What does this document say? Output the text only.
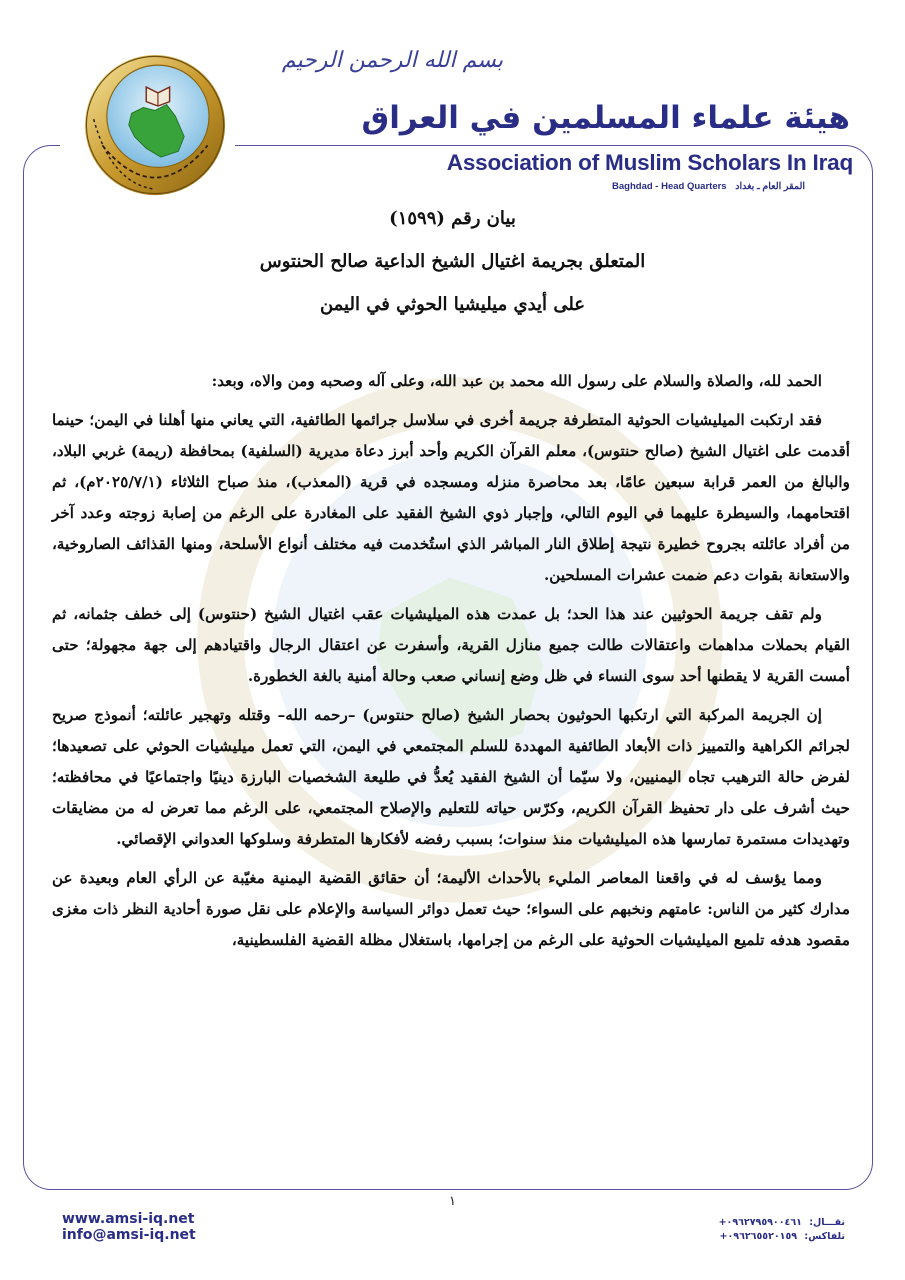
بسم الله الرحمن الرحيم
هيئة علماء المسلمين في العراق
Association of Muslim Scholars In Iraq
Baghdad - Head Quarters المقر العام ـ بغداد
بيان رقم (١٥٩٩)
المتعلق بجريمة اغتيال الشيخ الداعية صالح الحنتوس
على أيدي ميليشيا الحوثي في اليمن

الحمد لله، والصلاة والسلام على رسول الله محمد بن عبد الله، وعلى آله وصحبه ومن والاه، وبعد:

فقد ارتكبت الميليشيات الحوثية المتطرفة جريمة أخرى في سلاسل جرائمها الطائفية، التي يعاني منها أهلنا في اليمن؛ حينما أقدمت على اغتيال الشيخ (صالح حنتوس)، معلم القرآن الكريم وأحد أبرز دعاة مديرية (السلفية) بمحافظة (ريمة) غربي البلاد، والبالغ من العمر قرابة سبعين عامًا، بعد محاصرة منزله ومسجده في قرية (المعذب)، منذ صباح الثلاثاء (٢٠٢٥/٧/١م)، ثم اقتحامهما، والسيطرة عليهما في اليوم التالي، وإجبار ذوي الشيخ الفقيد على المغادرة على الرغم من إصابة زوجته وعدد آخر من أفراد عائلته بجروح خطيرة نتيجة إطلاق النار المباشر الذي استُخدمت فيه مختلف أنواع الأسلحة، ومنها القذائف الصاروخية، والاستعانة بقوات دعم ضمت عشرات المسلحين.

ولم تقف جريمة الحوثيين عند هذا الحد؛ بل عمدت هذه الميليشيات عقب اغتيال الشيخ (حنتوس) إلى خطف جثمانه، ثم القيام بحملات مداهمات واعتقالات طالت جميع منازل القرية، وأسفرت عن اعتقال الرجال واقتيادهم إلى جهة مجهولة؛ حتى أمست القرية لا يقطنها أحد سوى النساء في ظل وضع إنساني صعب وحالة أمنية بالغة الخطورة.

إن الجريمة المركبة التي ارتكبها الحوثيون بحصار الشيخ (صالح حنتوس) –رحمه الله– وقتله وتهجير عائلته؛ أنموذج صريح لجرائم الكراهية والتمييز ذات الأبعاد الطائفية المهددة للسلم المجتمعي في اليمن، التي تعمل ميليشيات الحوثي على تصعيدها؛ لفرض حالة الترهيب تجاه اليمنيين، ولا سيّما أن الشيخ الفقيد يُعدُّ في طليعة الشخصيات البارزة دينيًا واجتماعيًا في محافظته؛ حيث أشرف على دار تحفيظ القرآن الكريم، وكرّس حياته للتعليم والإصلاح المجتمعي، على الرغم مما تعرض له من مضايقات وتهديدات مستمرة تمارسها هذه الميليشيات منذ سنوات؛ بسبب رفضه لأفكارها المتطرفة وسلوكها العدواني الإقصائي.

ومما يؤسف له في واقعنا المعاصر المليء بالأحداث الأليمة؛ أن حقائق القضية اليمنية مغيّبة عن الرأي العام وبعيدة عن مدارك كثير من الناس: عامتهم ونخبهم على السواء؛ حيث تعمل دوائر السياسة والإعلام على نقل صورة أحادية النظر ذات مغزى مقصود هدفه تلميع الميليشيات الحوثية على الرغم من إجرامها، باستغلال مظلة القضية الفلسطينية،

١
www.amsi-iq.net
info@amsi-iq.net
نقـــال: ٠٩٦٢٧٩٥٩٠٠٤٦١+
تلفاكس: ٠٩٦٢٦٥٥٢٠١٥٩+
